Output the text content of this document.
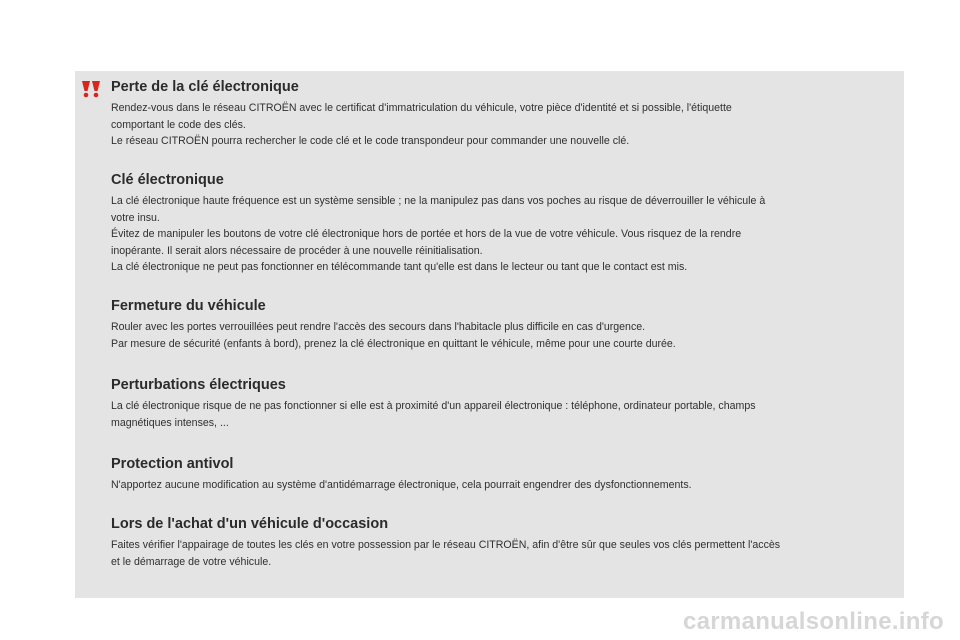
Perte de la clé électronique

Rendez-vous dans le réseau CITROËN avec le certificat d'immatriculation du véhicule, votre pièce d'identité et si possible, l'étiquette

comportant le code des clés.

Le réseau CITROËN pourra rechercher le code clé et le code transpondeur pour commander une nouvelle clé.

Clé électronique

La clé électronique haute fréquence est un système sensible ; ne la manipulez pas dans vos poches au risque de déverrouiller le véhicule à

votre insu.

Évitez de manipuler les boutons de votre clé électronique hors de portée et hors de la vue de votre véhicule. Vous risquez de la rendre

inopérante. Il serait alors nécessaire de procéder à une nouvelle réinitialisation.

La clé électronique ne peut pas fonctionner en télécommande tant qu'elle est dans le lecteur ou tant que le contact est mis.

Fermeture du véhicule

Rouler avec les portes verrouillées peut rendre l'accès des secours dans l'habitacle plus difficile en cas d'urgence.

Par mesure de sécurité (enfants à bord), prenez la clé électronique en quittant le véhicule, même pour une courte durée.

Perturbations électriques

La clé électronique risque de ne pas fonctionner si elle est à proximité d'un appareil électronique : téléphone, ordinateur portable, champs

magnétiques intenses, ...

Protection antivol

N'apportez aucune modification au système d'antidémarrage électronique, cela pourrait engendrer des dysfonctionnements.

Lors de l'achat d'un véhicule d'occasion

Faites vérifier l'appairage de toutes les clés en votre possession par le réseau CITROËN, afin d'être sûr que seules vos clés permettent l'accès

et le démarrage de votre véhicule.

carmanualsonline.info
